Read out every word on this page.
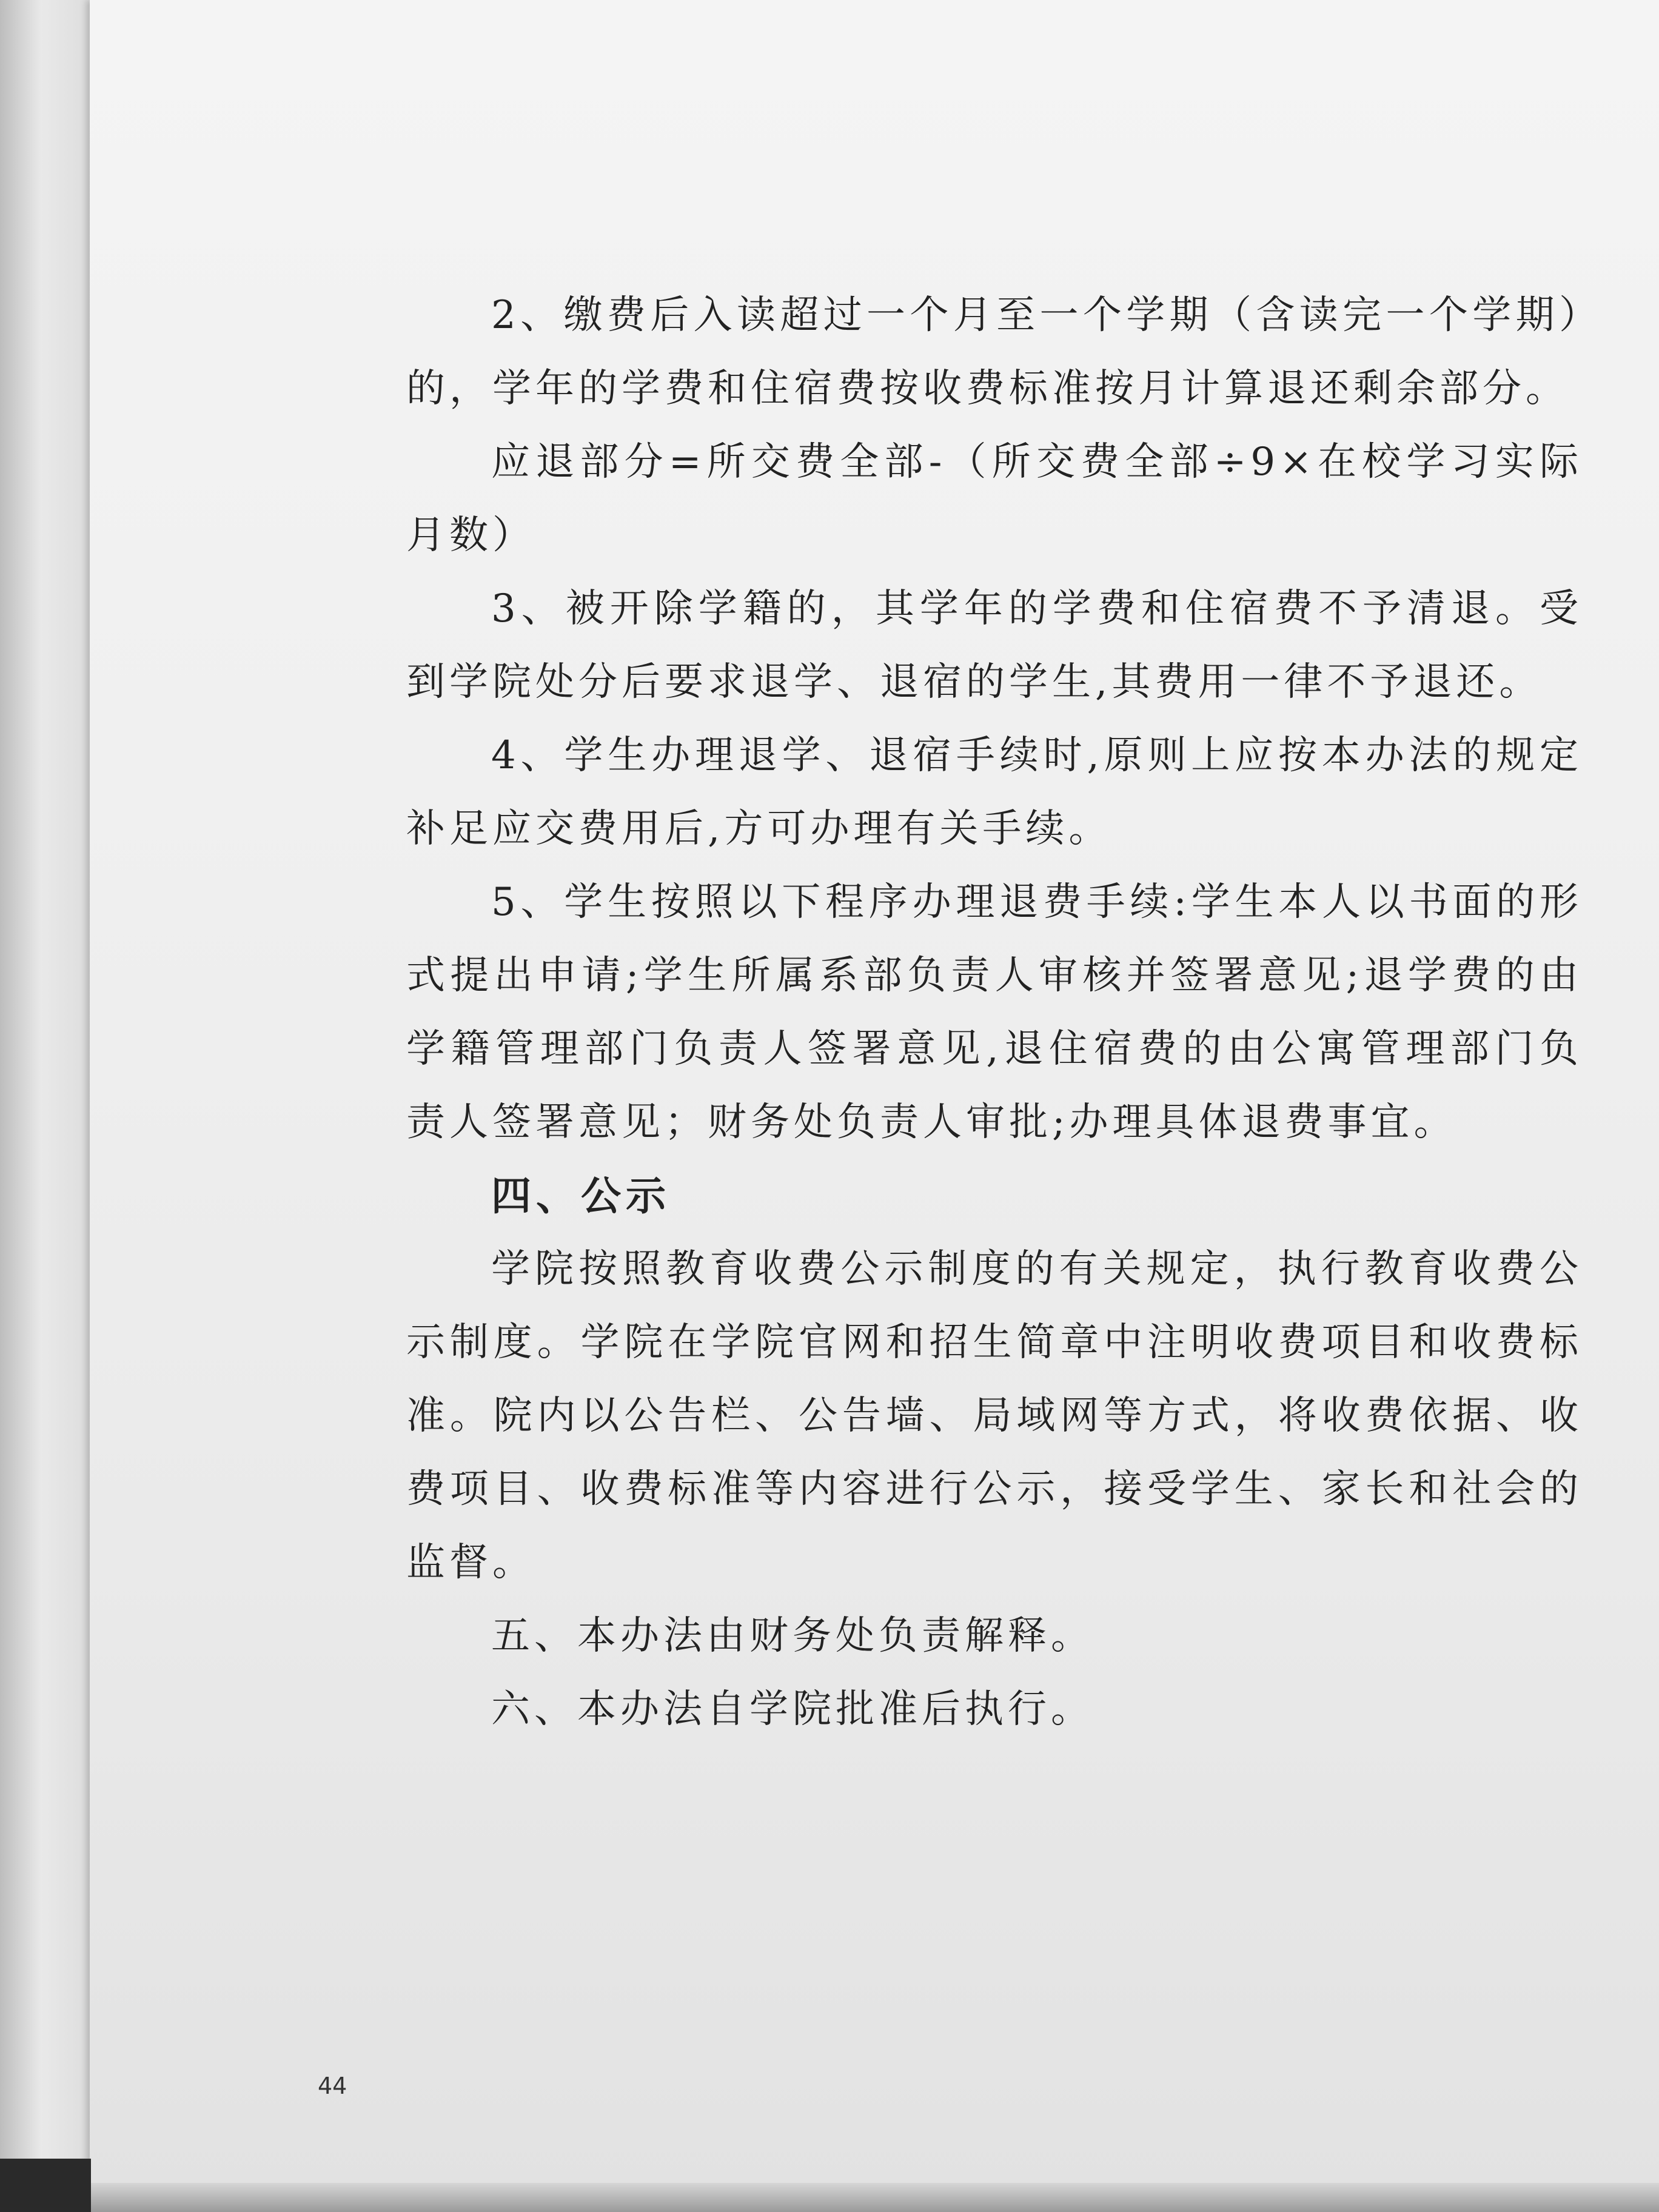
2、缴费后入读超过一个月至一个学期（含读完一个学期）的，学年的学费和住宿费按收费标准按月计算退还剩余部分。

应退部分=所交费全部-（所交费全部÷9×在校学习实际月数）

3、被开除学籍的，其学年的学费和住宿费不予清退。受到学院处分后要求退学、退宿的学生,其费用一律不予退还。

4、学生办理退学、退宿手续时,原则上应按本办法的规定补足应交费用后,方可办理有关手续。

5、学生按照以下程序办理退费手续:学生本人以书面的形式提出申请;学生所属系部负责人审核并签署意见;退学费的由学籍管理部门负责人签署意见,退住宿费的由公寓管理部门负责人签署意见；财务处负责人审批;办理具体退费事宜。

四、公示

学院按照教育收费公示制度的有关规定，执行教育收费公示制度。学院在学院官网和招生简章中注明收费项目和收费标准。院内以公告栏、公告墙、局域网等方式，将收费依据、收费项目、收费标准等内容进行公示，接受学生、家长和社会的监督。

五、本办法由财务处负责解释。

六、本办法自学院批准后执行。

44
